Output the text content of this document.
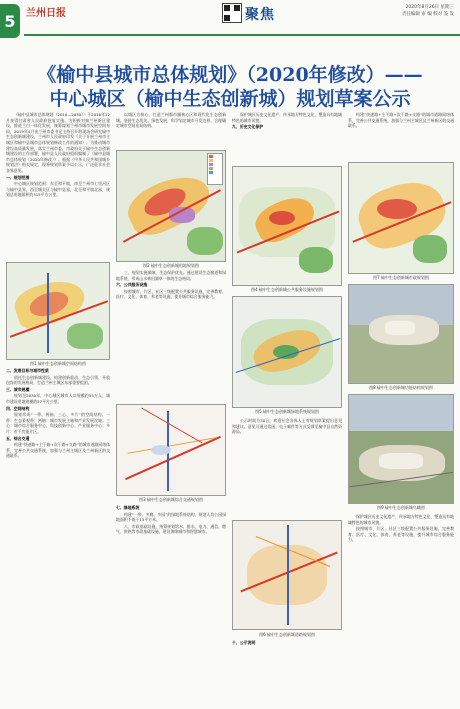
5	兰州日报	聚焦	2020年8月26日 星期三
责任编辑 审 编 校对 签 发
《榆中县城市总体规划》（2020年修改）——
中心城区（榆中生态创新城）规划草案公示

（榆中县城市总体规划（2010—2030））于2016年12月获得甘肃省人民政府批复实施。为积极对接兰州新区建设，推进兰白一体化发展，统筹谋划兰州市城市发展空间布局，2019年4月由兰州市委书记主持召开的现场会研究榆中生态创新城建设，兰州市人民政府印发《关于开展兰州市主城区和榆中县城市总体规划修改工作的通知》。为推动城市建设高质量发展，落实兰州市委、市政府关于榆中生态创新城建设的工作部署，榆中县人民政府组织编制了《榆中县城市总体规划（2020年修改）》。根据《中华人民共和国城乡规划法》相关规定，现将规划草案予以公示，广泛征求社会各界意见。

一、规划范围

中心城区规划范围：东至和平镇，南至兰州市七里河区与榆中县界，西至城关区与榆中县界，北至和平镇北部，规划总用地面积约315平方公里。

图1 榆中生态创新城空间结构图

二、发展目标与城市性质

依托生态创新城建设，构建创新驱动、生态引领、开放包容的发展格局，打造兰州主城区东部重要组团。

三、城市规模

规划至2030年，中心城区城市人口规模约55万人，城市建设用地规模约57平方公里。

四、空间结构

规划形成“一带、两轴、三心、多片”的空间结构。一带：生态景观带；两轴：城市发展主轴和产业发展次轴；三心：城市综合服务中心、科技创新中心、产业服务中心；多片：若干功能片区。

五、综合交通

构建“快速路+主干路+次干路+支路”的城市道路网络体系，完善公共交通系统，加强与兰州主城区及兰州新区的交通联系。

以城区为核心，打造兰州都市圈核心区和现代化生态创新城。坚持生态优先、绿色发展，科学划定城市开发边界，合理确定城市空间布局结构。

图2 榆中生态创新城用地规划图

三、规划实施保障，生态保护优先。通过建设生态廊道和绿地系统，形成山水林田湖草一体的生态格局。

六、公共服务设施

按照城市、片区、社区三级配置公共服务设施，完善教育、医疗、文化、体育、养老等设施，提升城市综合服务能力。

图3 榆中生态创新城综合交通规划图

七、绿地系统

构建“一带、多廊、多园”的绿地系统结构，规划人均公园绿地面积不低于15平方米。

八、市政基础设施，统筹规划给水、排水、电力、通信、燃气、供热等市政基础设施，建设海绵城市和智慧城市。

保护城区历史文化遗产，传承地方特色文化，塑造具有地域特色的城市风貌。

九、历史文化保护

图4 榆中生态创新城公共服务设施规划图
图5 榆中生态创新城绿地系统规划图

公示时间为30日，欢迎社会各界人士对规划草案提出意见和建议。意见可通过信函、电子邮件等方式反馈至榆中县自然资源局。

图6 榆中生态创新城道路规划图

十、公示说明

构建“快速路+主干路+次干路+支路”的城市道路网络体系，完善公共交通系统，加强与兰州主城区及兰州新区的交通联系。

图7 榆中生态创新城市政规划图
图8 榆中生态创新城功能结构规划图
图9 榆中生态创新城鸟瞰图

保护城区历史文化遗产，传承地方特色文化，塑造具有地域特色的城市风貌。

按照城市、片区、社区三级配置公共服务设施，完善教育、医疗、文化、体育、养老等设施，提升城市综合服务能力。
